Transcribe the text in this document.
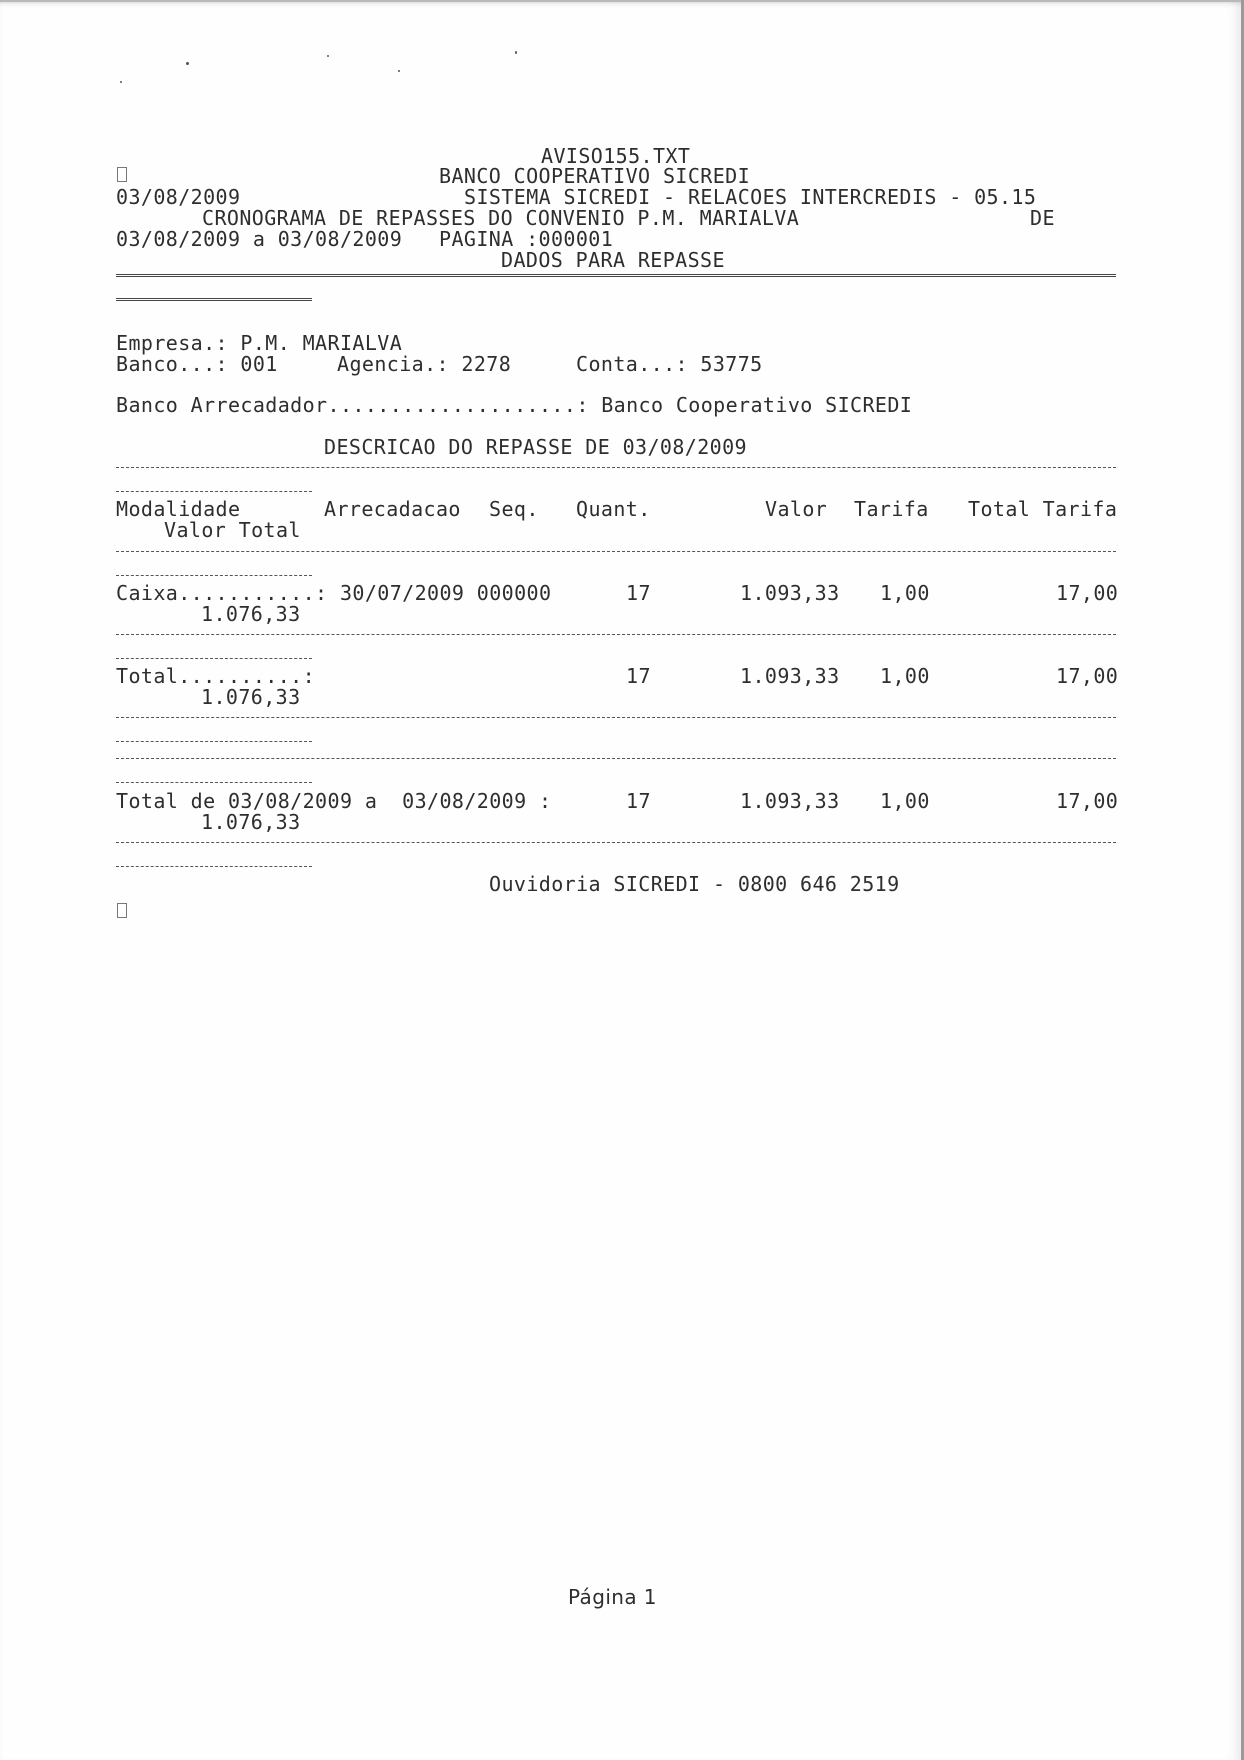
AVISO155.TXT
BANCO COOPERATIVO SICREDI
03/08/2009	SISTEMA SICREDI - RELACOES INTERCREDIS - 05.15
CRONOGRAMA DE REPASSES DO CONVENIO P.M. MARIALVA	DE
03/08/2009 a 03/08/2009 PAGINA :000001
DADOS PARA REPASSE
Empresa.: P.M. MARIALVA
Banco...: 001	Agencia.: 2278	Conta...: 53775
Banco Arrecadador....................: Banco Cooperativo SICREDI
DESCRICAO DO REPASSE DE 03/08/2009
Modalidade	Arrecadacao Seq. Quant.	Valor Tarifa Total Tarifa
Valor Total
Caixa...........: 30/07/2009 000000	17	1.093,33 1,00	17,00
1.076,33
Total..........:	17	1.093,33 1,00	17,00
1.076,33
Total de 03/08/2009 a  03/08/2009 :	17	1.093,33 1,00	17,00
1.076,33
Ouvidoria SICREDI - 0800 646 2519
Página 1
